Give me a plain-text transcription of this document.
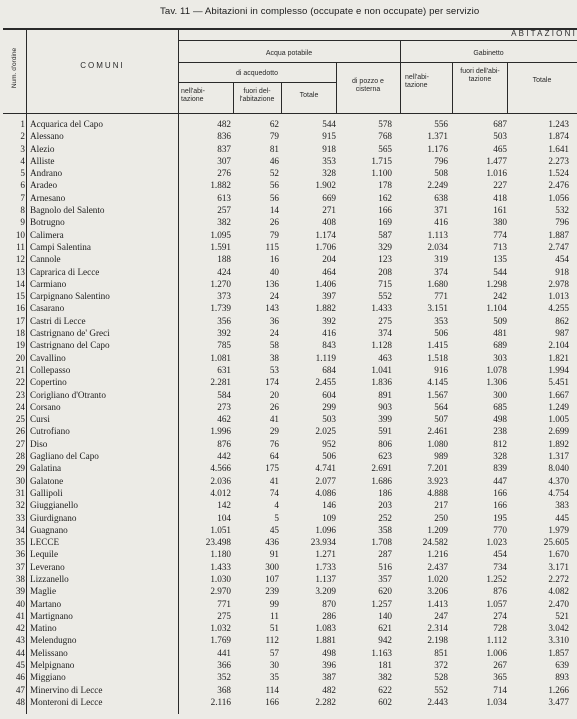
Tav. 11 — Abitazioni in complesso (occupate e non occupate) per servizio
Num. d'ordine	COMUNI
ABITAZIONI
Acqua potabile	Gabinetto
di acquedotto
di pozzo e cisterna
nell'abi-tazione
fuori del-l'abitazione
Totale
nell'abi-tazione
fuori dell'abi-tazione	Totale
1 Acquarica del Capo	482	62	544	578	556	687	1.243
2 Alessano	836	79	915	768	1.371	503	1.874
3 Alezio	837	81	918	565	1.176	465	1.641
4 Alliste	307	46	353	1.715	796	1.477	2.273
5 Andrano	276	52	328	1.100	508	1.016	1.524
6 Aradeo	1.882	56	1.902	178	2.249	227	2.476
7 Arnesano	613	56	669	162	638	418	1.056
8 Bagnolo del Salento	257	14	271	166	371	161	532
9 Botrugno	382	26	408	169	416	380	796
10 Calimera	1.095	79	1.174	587	1.113	774	1.887
11 Campi Salentina	1.591	115	1.706	329	2.034	713	2.747
12 Cannole	188	16	204	123	319	135	454
13 Caprarica di Lecce	424	40	464	208	374	544	918
14 Carmiano	1.270	136	1.406	715	1.680	1.298	2.978
15 Carpignano Salentino	373	24	397	552	771	242	1.013
16 Casarano	1.739	143	1.882	1.433	3.151	1.104	4.255
17 Castri di Lecce	356	36	392	275	353	509	862
18 Castrignano de' Greci	392	24	416	374	506	481	987
19 Castrignano del Capo	785	58	843	1.128	1.415	689	2.104
20 Cavallino	1.081	38	1.119	463	1.518	303	1.821
21 Collepasso	631	53	684	1.041	916	1.078	1.994
22 Copertino	2.281	174	2.455	1.836	4.145	1.306	5.451
23 Corigliano d'Otranto	584	20	604	891	1.567	300	1.667
24 Corsano	273	26	299	903	564	685	1.249
25 Cursi	462	41	503	399	507	498	1.005
26 Cutrofiano	1.996	29	2.025	591	2.461	238	2.699
27 Diso	876	76	952	806	1.080	812	1.892
28 Gagliano del Capo	442	64	506	623	989	328	1.317
29 Galatina	4.566	175	4.741	2.691	7.201	839	8.040
30 Galatone	2.036	41	2.077	1.686	3.923	447	4.370
31 Gallipoli	4.012	74	4.086	186	4.888	166	4.754
32 Giuggianello	142	4	146	203	217	166	383
33 Giurdignano	104	5	109	252	250	195	445
34 Guagnano	1.051	45	1.096	358	1.209	770	1.979
35 LECCE	23.498	436	23.934	1.708	24.582	1.023	25.605
36 Lequile	1.180	91	1.271	287	1.216	454	1.670
37 Leverano	1.433	300	1.733	516	2.437	734	3.171
38 Lizzanello	1.030	107	1.137	357	1.020	1.252	2.272
39 Maglie	2.970	239	3.209	620	3.206	876	4.082
40 Martano	771	99	870	1.257	1.413	1.057	2.470
41 Martignano	275	11	286	140	247	274	521
42 Matino	1.032	51	1.083	621	2.314	728	3.042
43 Melendugno	1.769	112	1.881	942	2.198	1.112	3.310
44 Melissano	441	57	498	1.163	851	1.006	1.857
45 Melpignano	366	30	396	181	372	267	639
46 Miggiano	352	35	387	382	528	365	893
47 Minervino di Lecce	368	114	482	622	552	714	1.266
48 Monteroni di Lecce	2.116	166	2.282	602	2.443	1.034	3.477
